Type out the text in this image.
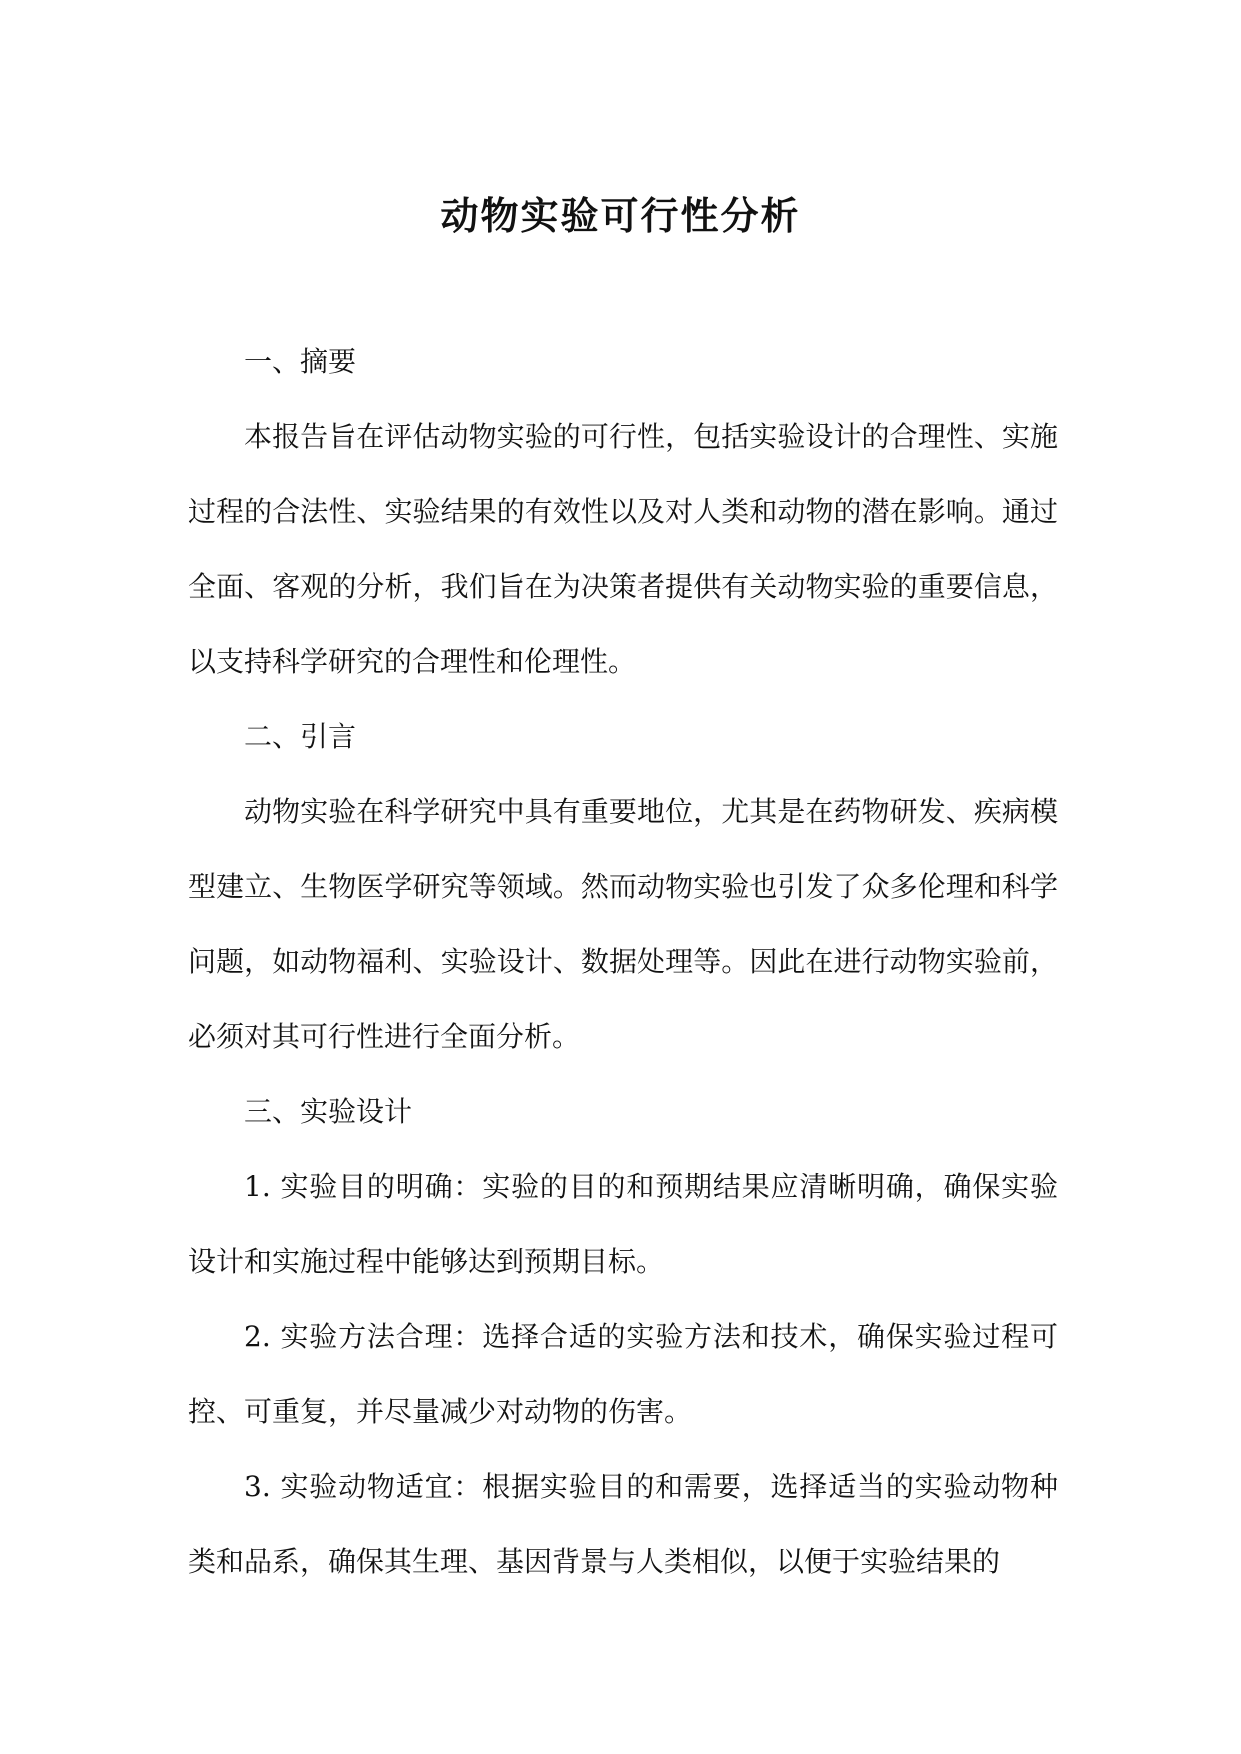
动物实验可行性分析

一、摘要

本报告旨在评估动物实验的可行性，包括实验设计的合理性、实施过程的合法性、实验结果的有效性以及对人类和动物的潜在影响。通过全面、客观的分析，我们旨在为决策者提供有关动物实验的重要信息，以支持科学研究的合理性和伦理性。

二、引言

动物实验在科学研究中具有重要地位，尤其是在药物研发、疾病模型建立、生物医学研究等领域。然而动物实验也引发了众多伦理和科学问题，如动物福利、实验设计、数据处理等。因此在进行动物实验前，必须对其可行性进行全面分析。

三、实验设计

1. 实验目的明确：实验的目的和预期结果应清晰明确，确保实验设计和实施过程中能够达到预期目标。

2. 实验方法合理：选择合适的实验方法和技术，确保实验过程可控、可重复，并尽量减少对动物的伤害。

3. 实验动物适宜：根据实验目的和需要，选择适当的实验动物种类和品系，确保其生理、基因背景与人类相似，以便于实验结果的
